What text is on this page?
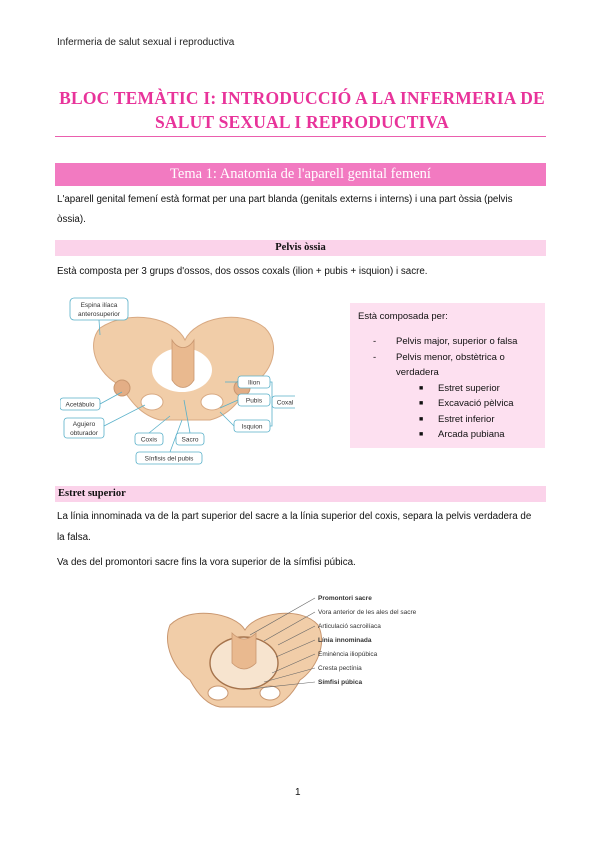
Infermeria de salut sexual i reproductiva
BLOC TEMÀTIC I: INTRODUCCIÓ A LA INFERMERIA DE
SALUT SEXUAL I REPRODUCTIVA
Tema 1: Anatomia de l'aparell genital femení
L'aparell genital femení està format per una part blanda (genitals externs i interns) i una part òssia (pelvis
òssia).
Pelvis òssia
Està composta per 3 grups d'ossos, dos ossos coxals (ilion + pubis + isquion) i sacre.
Espina ilíaca
anterosuperior
Ilion
Pubis Coxal
Isquion
Acetábulo
Agujero
obturador
Coxis	Sacro
Sínfisis del pubis
Està composada per:
- Pelvis major, superior o falsa
- Pelvis menor, obstètrica o
verdadera
■ Estret superior
■ Excavació pèlvica
■ Estret inferior
■ Arcada pubiana
Estret superior
La línia innominada va de la part superior del sacre a la línia superior del coxis, separa la pelvis verdadera de
la falsa.
Va des del promontori sacre fins la vora superior de la símfisi púbica.
Promontori sacre
Vora anterior de les ales del sacre
Articulació sacroilíaca
Línia innominada
Eminència iliopúbica
Cresta pectínia
Símfisi púbica
1
